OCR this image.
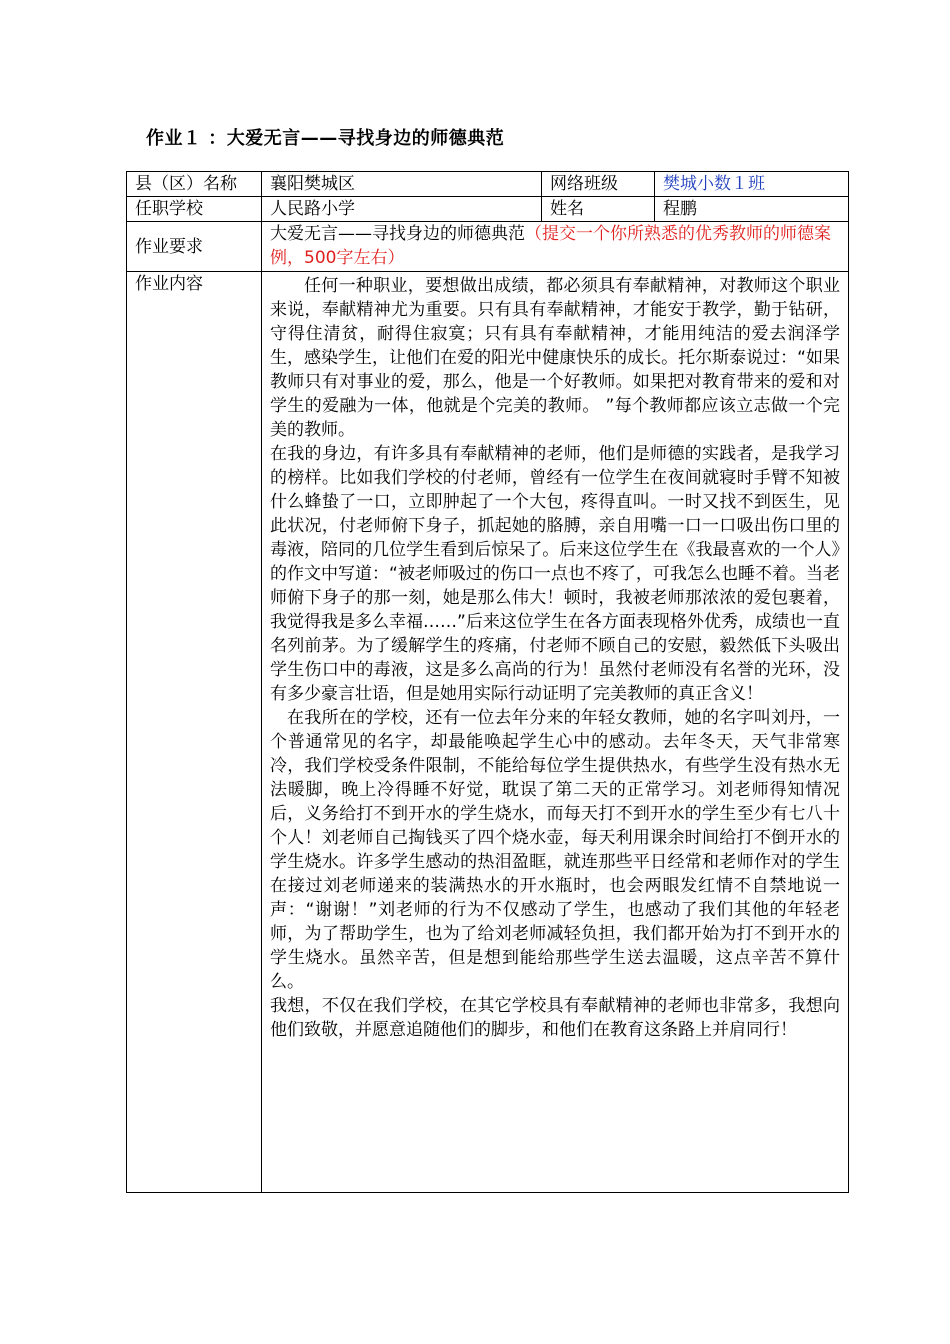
作业１ ：大爱无言——寻找身边的师德典范
县（区）名称	襄阳樊城区	网络班级	樊城小数１班
任职学校	人民路小学	姓名	程鹏
作业要求	大爱无言——寻找身边的师德典范（提交一个你所熟悉的优秀教师的师德案例，500字左右）		
作业内容	任何一种职业，要想做出成绩，都必须具有奉献精神，对教师这个职业来说，奉献精神尤为重要。只有具有奉献精神，才能安于教学，勤于钻研，守得住清贫，耐得住寂寞；只有具有奉献精神，才能用纯洁的爱去润泽学生，感染学生，让他们在爱的阳光中健康快乐的成长。托尔斯泰说过：“如果教师只有对事业的爱，那么，他是一个好教师。如果把对教育带来的爱和对学生的爱融为一体，他就是个完美的教师。 ”每个教师都应该立志做一个完美的教师。

在我的身边，有许多具有奉献精神的老师，他们是师德的实践者，是我学习的榜样。比如我们学校的付老师，曾经有一位学生在夜间就寝时手臂不知被什么蜂蛰了一口，立即肿起了一个大包，疼得直叫。一时又找不到医生，见此状况，付老师俯下身子，抓起她的胳膊，亲自用嘴一口一口吸出伤口里的毒液，陪同的几位学生看到后惊呆了。后来这位学生在《我最喜欢的一个人》的作文中写道：“被老师吸过的伤口一点也不疼了，可我怎么也睡不着。当老师俯下身子的那一刻，她是那么伟大！顿时，我被老师那浓浓的爱包裹着，我觉得我是多么幸福……”后来这位学生在各方面表现格外优秀，成绩也一直名列前茅。为了缓解学生的疼痛，付老师不顾自己的安慰，毅然低下头吸出学生伤口中的毒液，这是多么高尚的行为！虽然付老师没有名誉的光环，没有多少豪言壮语，但是她用实际行动证明了完美教师的真正含义！

在我所在的学校，还有一位去年分来的年轻女教师，她的名字叫刘丹，一个普通常见的名字，却最能唤起学生心中的感动。去年冬天，天气非常寒冷，我们学校受条件限制，不能给每位学生提供热水，有些学生没有热水无法暖脚，晚上冷得睡不好觉，耽误了第二天的正常学习。刘老师得知情况后，义务给打不到开水的学生烧水，而每天打不到开水的学生至少有七八十个人！刘老师自己掏钱买了四个烧水壶，每天利用课余时间给打不倒开水的学生烧水。许多学生感动的热泪盈眶，就连那些平日经常和老师作对的学生在接过刘老师递来的装满热水的开水瓶时，也会两眼发红情不自禁地说一声：“谢谢！”刘老师的行为不仅感动了学生，也感动了我们其他的年轻老师，为了帮助学生，也为了给刘老师减轻负担，我们都开始为打不到开水的学生烧水。虽然辛苦，但是想到能给那些学生送去温暖，这点辛苦不算什么。

我想，不仅在我们学校，在其它学校具有奉献精神的老师也非常多，我想向他们致敬，并愿意追随他们的脚步，和他们在教育这条路上并肩同行！		
